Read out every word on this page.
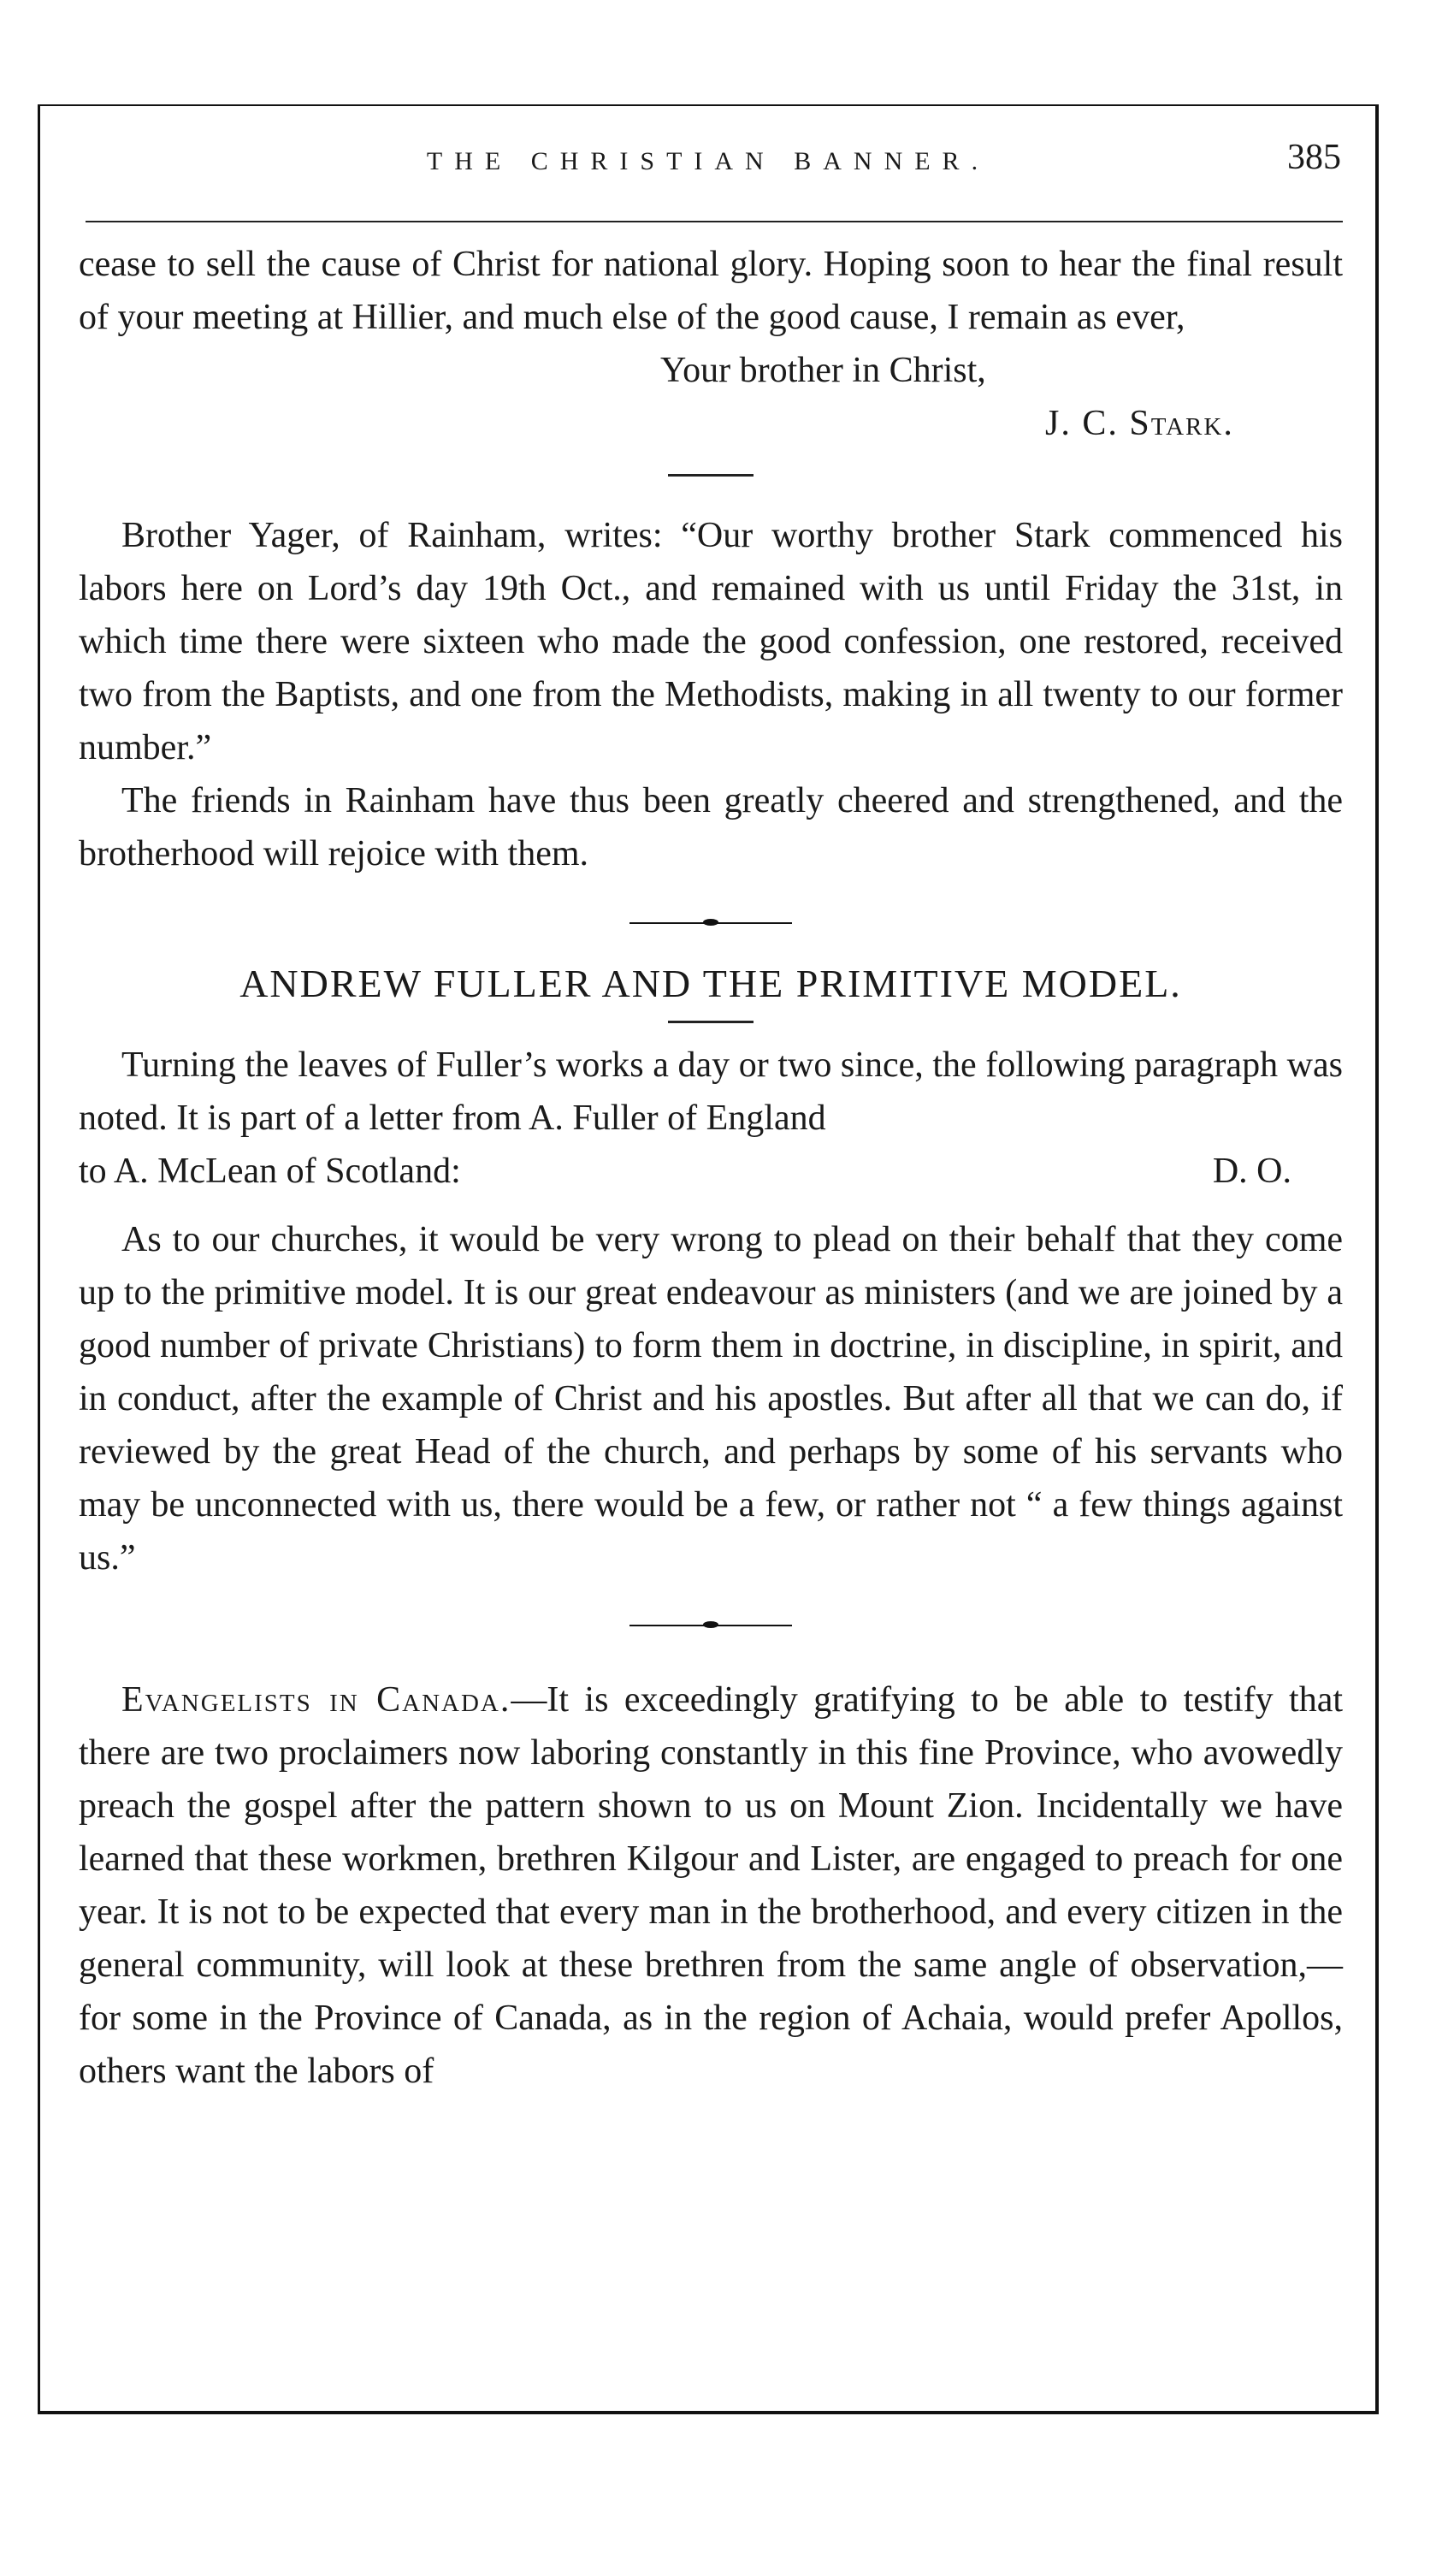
THE CHRISTIAN BANNER.	385

cease to sell the cause of Christ for national glory. Hoping soon to hear the final result of your meeting at Hillier, and much else of the good cause, I remain as ever,

Your brother in Christ,
J. C. Stark.

Brother Yager, of Rainham, writes: “Our worthy brother Stark commenced his labors here on Lord’s day 19th Oct., and remained with us until Friday the 31st, in which time there were sixteen who made the good confession, one restored, received two from the Baptists, and one from the Methodists, making in all twenty to our former number.”

The friends in Rainham have thus been greatly cheered and strengthened, and the brotherhood will rejoice with them.

ANDREW FULLER AND THE PRIMITIVE MODEL.

Turning the leaves of Fuller’s works a day or two since, the following paragraph was noted. It is part of a letter from A. Fuller of England

to A. McLean of Scotland:	D. O.

As to our churches, it would be very wrong to plead on their behalf that they come up to the primitive model. It is our great endeavour as ministers (and we are joined by a good number of private Christians) to form them in doctrine, in discipline, in spirit, and in conduct, after the example of Christ and his apostles. But after all that we can do, if reviewed by the great Head of the church, and perhaps by some of his servants who may be unconnected with us, there would be a few, or rather not “ a few things against us.”

Evangelists in Canada.—It is exceedingly gratifying to be able to testify that there are two proclaimers now laboring constantly in this fine Province, who avowedly preach the gospel after the pattern shown to us on Mount Zion. Incidentally we have learned that these workmen, brethren Kilgour and Lister, are engaged to preach for one year. It is not to be expected that every man in the brotherhood, and every citizen in the general community, will look at these brethren from the same angle of observation,—for some in the Province of Canada, as in the region of Achaia, would prefer Apollos, others want the labors of
